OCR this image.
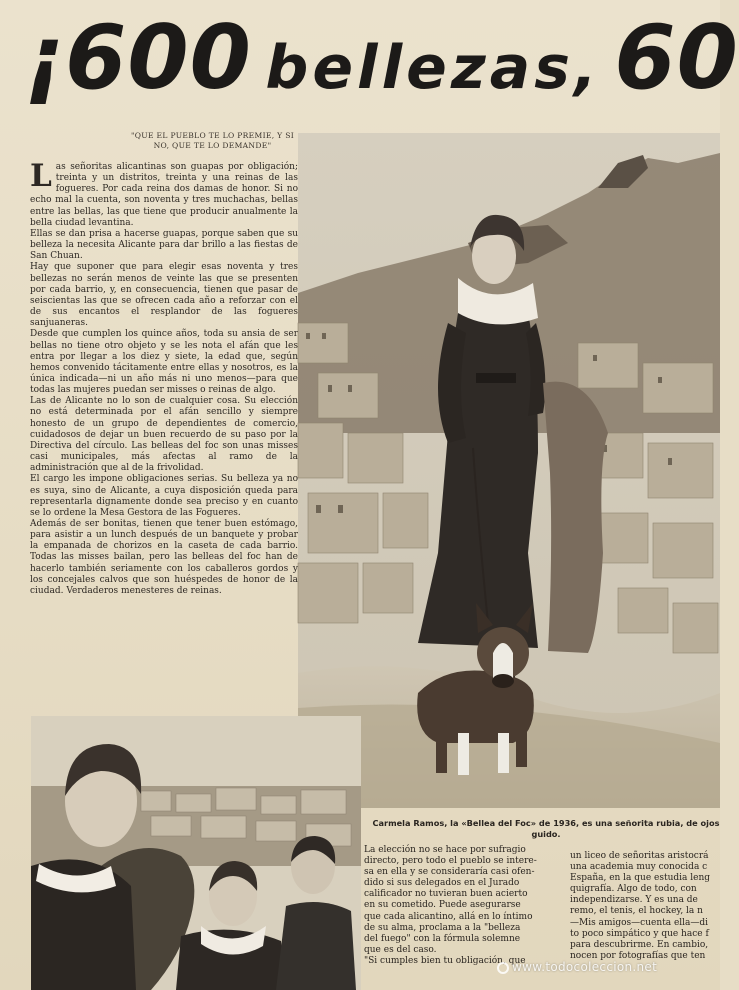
¡600 bellezas, 60
"QUE EL PUEBLO TE LO PREMIE, Y SI NO, QUE TE LO DEMANDE"
L as señoritas alicantinas son guapas por obligación; treinta y un distritos, treinta y una reinas de las fogueres. Por cada reina dos damas de honor. Si no echo mal la cuenta, son noventa y tres muchachas, bellas entre las bellas, las que tiene que producir anualmente la bella ciudad levantina.

Ellas se dan prisa a hacerse guapas, porque saben que su belleza la necesita Alicante para dar brillo a las fiestas de San Chuan.

Hay que suponer que para elegir esas noventa y tres bellezas no serán menos de veinte las que se presenten por cada barrio, y, en consecuencia, tienen que pasar de seiscientas las que se ofrecen cada año a reforzar con el de sus encantos el resplandor de las fogueres sanjuaneras.

Desde que cumplen los quince años, toda su ansia de ser bellas no tiene otro objeto y se les nota el afán que les entra por llegar a los diez y siete, la edad que, según hemos convenido tácitamente entre ellas y nosotros, es la única indicada—ni un año más ni uno menos—para que todas las mujeres puedan ser misses o reinas de algo.

Las de Alicante no lo son de cualquier cosa. Su elección no está determinada por el afán sencillo y siempre honesto de un grupo de dependientes de comercio, cuidadosos de dejar un buen recuerdo de su paso por la Directiva del círculo. Las belleas del foc son unas misses casi municipales, más afectas al ramo de la administración que al de la frivolidad.

El cargo les impone obligaciones serias. Su belleza ya no es suya, sino de Alicante, a cuya disposición queda para representarla dignamente donde sea preciso y en cuanto se lo ordene la Mesa Gestora de las Fogueres.

Además de ser bonitas, tienen que tener buen estómago, para asistir a un lunch después de un banquete y probar la empanada de chorizos en la caseta de cada barrio. Todas las misses bailan, pero las belleas del foc han de hacerlo también seriamente con los caballeros gordos y los concejales calvos que son huéspedes de honor de la ciudad. Verdaderos menesteres de reinas.

Carmela Ramos, la «Bellea del Foc» de 1936, es una señorita rubia, de ojos guido.
La elección no se hace por sufragio
directo, pero todo el pueblo se intere-
sa en ella y se consideraría casi ofen-
dido si sus delegados en el Jurado
calificador no tuvieran buen acierto
en su cometido. Puede asegurarse
que cada alicantino, allá en lo íntimo
de su alma, proclama a la "belleza
del fuego" con la fórmula solemne
que es del caso.
"Si cumples bien tu obligación, que
un liceo de señoritas aristocrá
una academia muy conocida c
España, en la que estudia leng
quigrafía. Algo de todo, con
independizarse. Y es una de
remo, el tenis, el hockey, la n
—Mis amigos—cuenta ella—di
to poco simpático y que hace f
para descubrirme. En cambio,
nocen por fotografías que ten
www.todocoleccion.net
